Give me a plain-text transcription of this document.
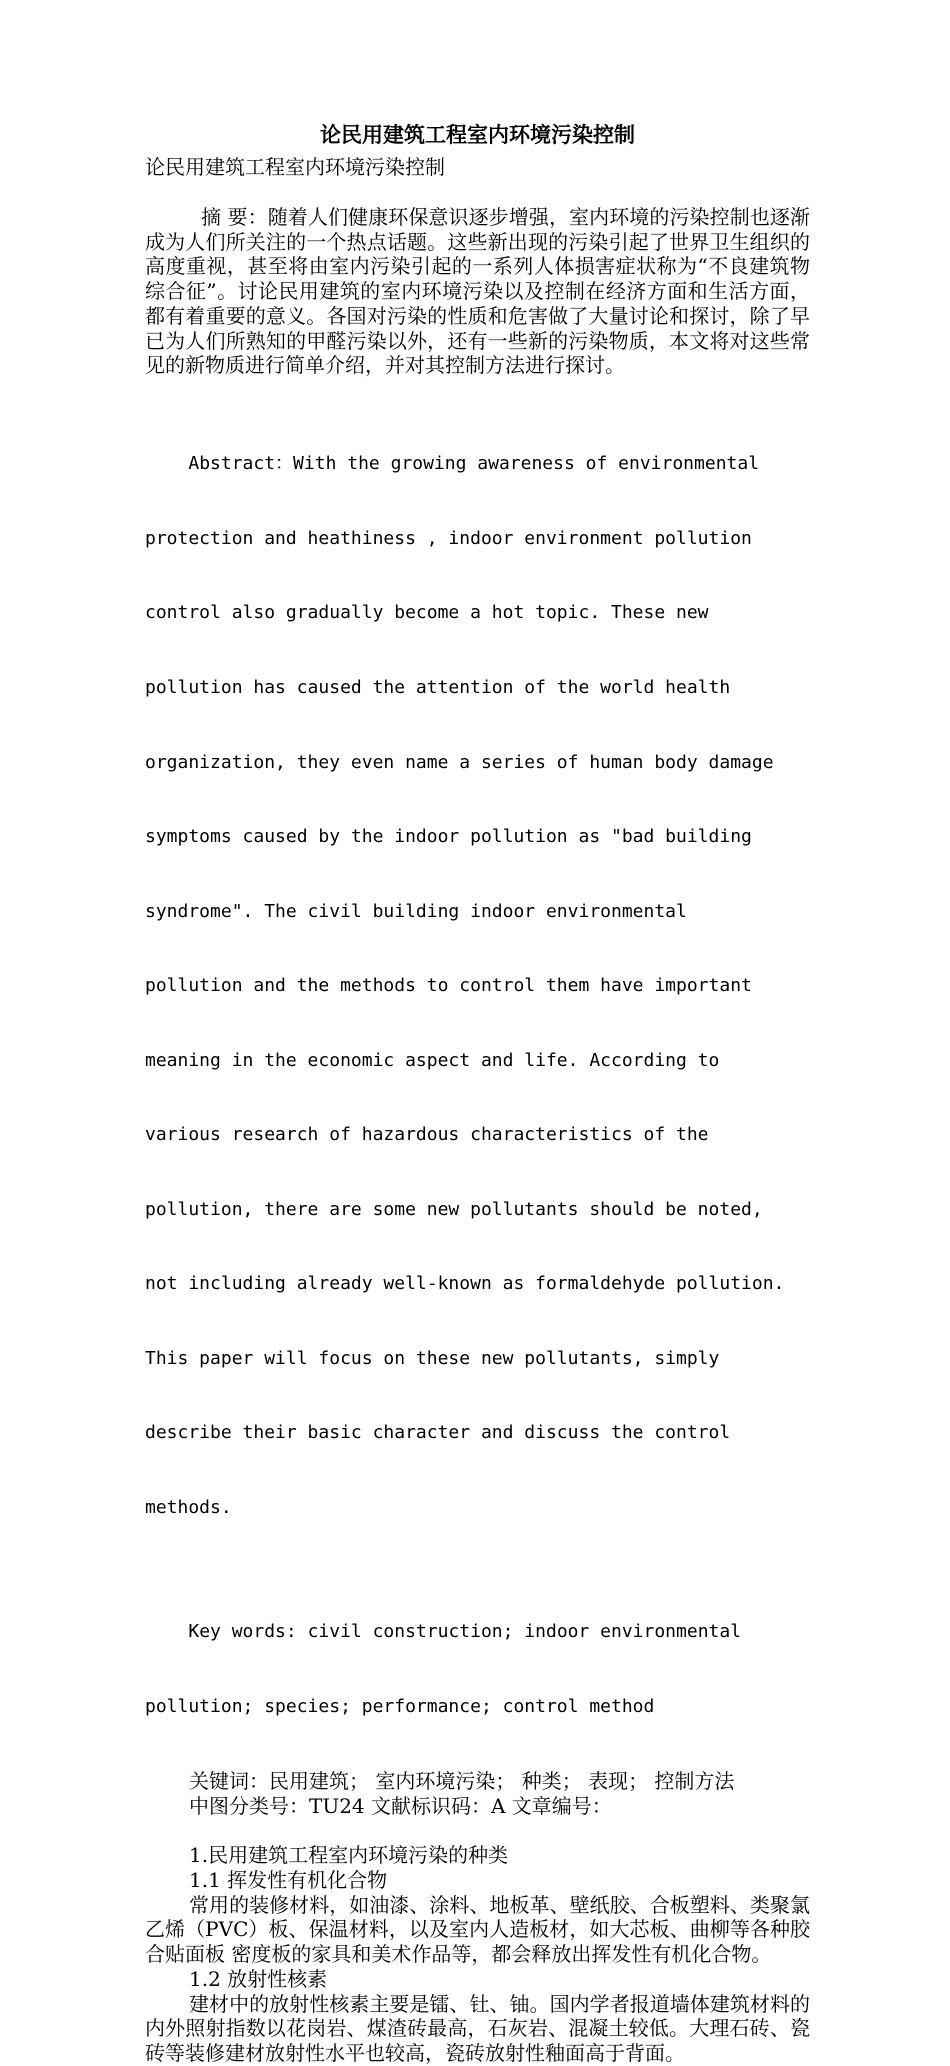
论民用建筑工程室内环境污染控制

论民用建筑工程室内环境污染控制

摘 要：随着人们健康环保意识逐步增强，室内环境的污染控制也逐渐成为人们所关注的一个热点话题。这些新出现的污染引起了世界卫生组织的高度重视，甚至将由室内污染引起的一系列人体损害症状称为“不良建筑物综合征”。讨论民用建筑的室内环境污染以及控制在经济方面和生活方面，都有着重要的意义。各国对污染的性质和危害做了大量讨论和探讨，除了早已为人们所熟知的甲醛污染以外，还有一些新的污染物质，本文将对这些常见的新物质进行简单介绍，并对其控制方法进行探讨。

Abstract：With the growing awareness of environmental

protection and heathiness , indoor environment pollution

control also gradually become a hot topic. These new

pollution has caused the attention of the world health

organization, they even name a series of human body damage

symptoms caused by the indoor pollution as "bad building

syndrome". The civil building indoor environmental

pollution and the methods to control them have important

meaning in the economic aspect and life. According to

various research of hazardous characteristics of the

pollution, there are some new pollutants should be noted,

not including already well-known as formaldehyde pollution.

This paper will focus on these new pollutants, simply

describe their basic character and discuss the control

methods.

Key words: civil construction; indoor environmental

pollution; species; performance; control method

关键词：民用建筑； 室内环境污染； 种类； 表现； 控制方法

中图分类号：TU24 文献标识码：A 文章编号：

1.民用建筑工程室内环境污染的种类

1.1 挥发性有机化合物

常用的装修材料，如油漆、涂料、地板革、壁纸胶、合板塑料、类聚氯乙烯（PVC）板、保温材料，以及室内人造板材，如大芯板、曲柳等各种胶合贴面板 密度板的家具和美术作品等，都会释放出挥发性有机化合物。

1.2 放射性核素

建材中的放射性核素主要是镭、钍、铀。国内学者报道墙体建筑材料的内外照射指数以花岗岩、煤渣砖最高，石灰岩、混凝土较低。大理石砖、瓷砖等装修建材放射性水平也较高，瓷砖放射性釉面高于背面。
